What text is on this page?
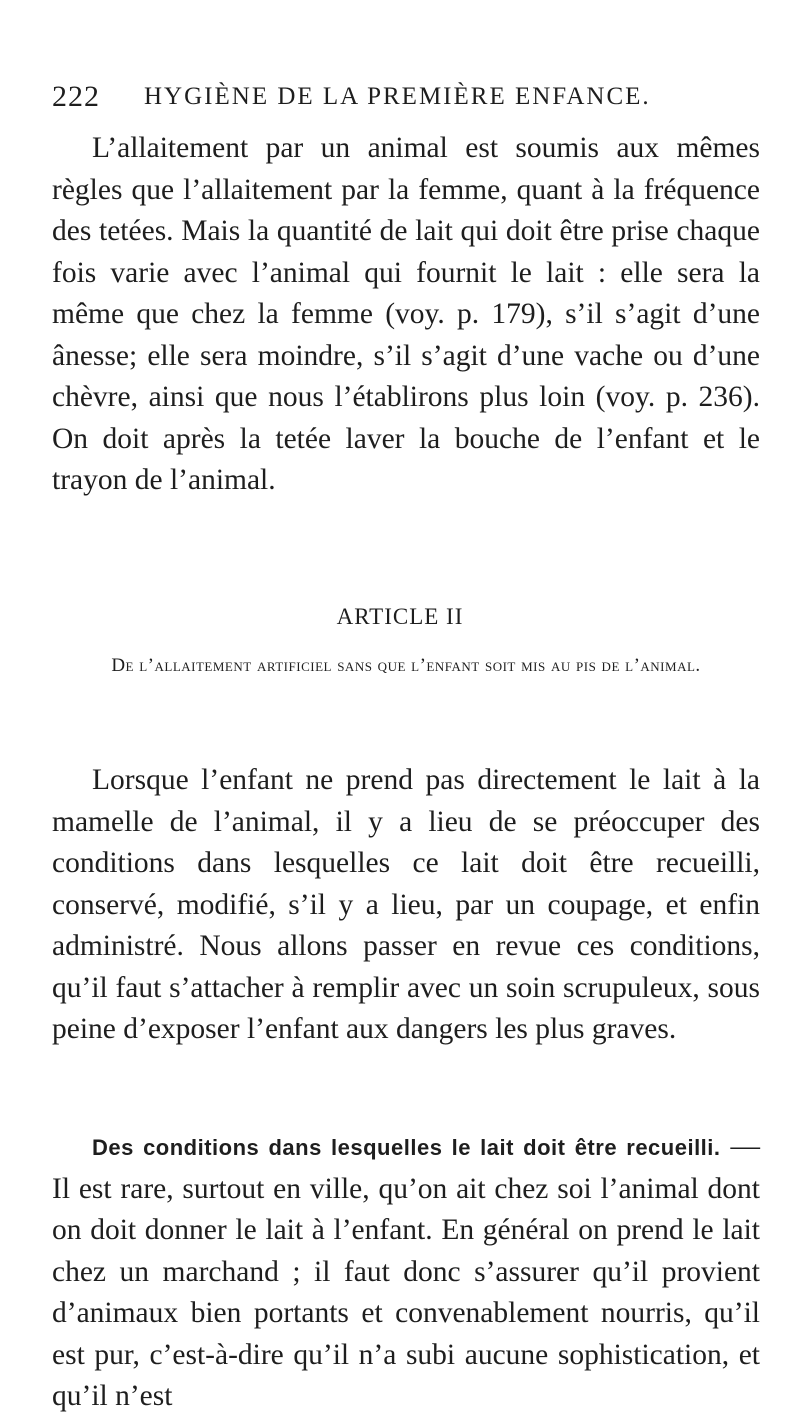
222 HYGIÈNE DE LA PREMIÈRE ENFANCE.

L’allaitement par un animal est soumis aux mêmes règles que l’allaitement par la femme, quant à la fréquence des tetées. Mais la quantité de lait qui doit être prise chaque fois varie avec l’animal qui fournit le lait : elle sera la même que chez la femme (voy. p. 179), s’il s’agit d’une ânesse; elle sera moindre, s’il s’agit d’une vache ou d’une chèvre, ainsi que nous l’établirons plus loin (voy. p. 236). On doit après la tetée laver la bouche de l’enfant et le trayon de l’animal.

ARTICLE II
De l’allaitement artificiel sans que l’enfant soit mis au pis de l’animal.

Lorsque l’enfant ne prend pas directement le lait à la mamelle de l’animal, il y a lieu de se préoccuper des conditions dans lesquelles ce lait doit être recueilli, conservé, modifié, s’il y a lieu, par un coupage, et enfin administré. Nous allons passer en revue ces conditions, qu’il faut s’attacher à remplir avec un soin scrupuleux, sous peine d’exposer l’enfant aux dangers les plus graves.

Des conditions dans lesquelles le lait doit être recueilli. — Il est rare, surtout en ville, qu’on ait chez soi l’animal dont on doit donner le lait à l’enfant. En général on prend le lait chez un marchand ; il faut donc s’assurer qu’il provient d’animaux bien portants et convenablement nourris, qu’il est pur, c’est-à-dire qu’il n’a subi aucune sophistication, et qu’il n’est
